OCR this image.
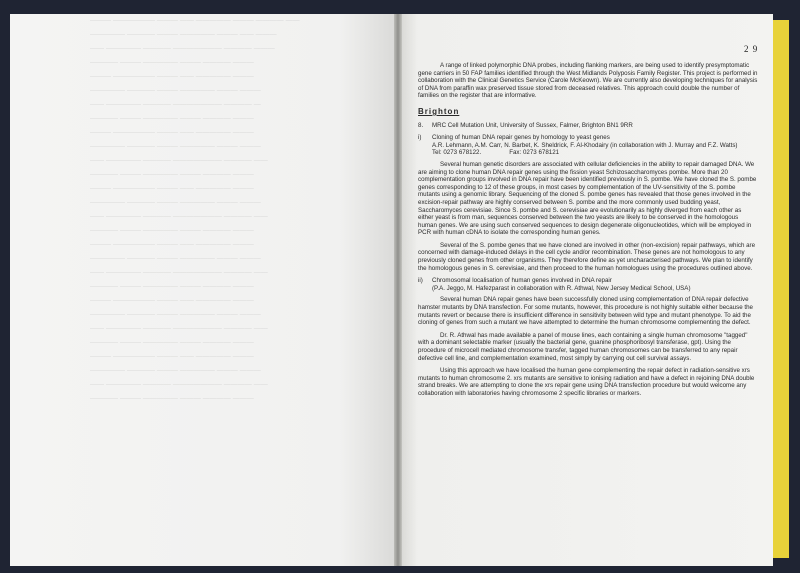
——— —————— ——— —— ————— ——— ———— ——
————— ———— ——— ————— ——— —— ———
—— ————— ———— ——————— ———— ———
———— ——— ————— ——— ———— ———
——— —————— ——— —— ————— ———
————— ———— ——— ————— ——— ———
—— ————— ———— ——————— ———— —
———— ——— ————— ——— ———— ———
——— —————— ——— —— ————— ———
————— ———— ——— ————— ——— ———
—— ————— ———— ——————— ———— ——
———— ——— ————— ——— ———— ———
——— —————— ——— —— ————— ———
————— ———— ——— ————— ——— ———
—— ————— ———— ——————— ———— ——
———— ——— ————— ——— ———— ———
——— —————— ——— —— ————— ———
————— ———— ——— ————— ——— ———
—— ————— ———— ——————— ———— ——
———— ——— ————— ——— ———— ———
——— —————— ——— —— ————— ———
————— ———— ——— ————— ——— ———
—— ————— ———— ——————— ———— ——
———— ——— ————— ——— ———— ———
——— —————— ——— —— ————— ———
————— ———— ——— ————— ——— ———
—— ————— ———— ——————— ———— ——
———— ——— ————— ——— ———— ———
2 9

A range of linked polymorphic DNA probes, including flanking markers, are being used to identify presymptomatic gene carriers in 50 FAP families identified through the West Midlands Polyposis Family Register. This project is performed in collaboration with the Clinical Genetics Service (Carole McKeown). We are currently also developing techniques for analysis of DNA from paraffin wax preserved tissue stored from deceased relatives. This approach could double the number of families on the register that are informative.

Brighton
8.	MRC Cell Mutation Unit, University of Sussex, Falmer, Brighton BN1 9RR
i)	Cloning of human DNA repair genes by homology to yeast genes
A.R. Lehmann, A.M. Carr, N. Barbet, K. Sheldrick, F. Al-Khodairy (in collaboration with J. Murray and F.Z. Watts)
Tel: 0273 678122.	Fax: 0273 678121

Several human genetic disorders are associated with cellular deficiencies in the ability to repair damaged DNA. We are aiming to clone human DNA repair genes using the fission yeast Schizosaccharomyces pombe. More than 20 complementation groups involved in DNA repair have been identified previously in S. pombe. We have cloned the S. pombe genes corresponding to 12 of these groups, in most cases by complementation of the UV-sensitivity of the S. pombe mutants using a genomic library. Sequencing of the cloned S. pombe genes has revealed that those genes involved in the excision-repair pathway are highly conserved between S. pombe and the more commonly used budding yeast, Saccharomyces cerevisiae. Since S. pombe and S. cerevisiae are evolutionarily as highly diverged from each other as either yeast is from man, sequences conserved between the two yeasts are likely to be conserved in the homologous human genes. We are using such conserved sequences to design degenerate oligonucleotides, which will be employed in PCR with human cDNA to isolate the corresponding human genes.

Several of the S. pombe genes that we have cloned are involved in other (non-excision) repair pathways, which are concerned with damage-induced delays in the cell cycle and/or recombination. These genes are not homologous to any previously cloned genes from other organisms. They therefore define as yet uncharacterised pathways. We plan to identify the homologous genes in S. cerevisiae, and then proceed to the human homologues using the procedures outlined above.

ii)	Chromosomal localisation of human genes involved in DNA repair
(P.A. Jeggo, M. Hafezparast in collaboration with R. Athwal, New Jersey Medical School, USA)

Several human DNA repair genes have been successfully cloned using complementation of DNA repair defective hamster mutants by DNA transfection. For some mutants, however, this procedure is not highly suitable either because the mutants revert or because there is insufficient difference in sensitivity between wild type and mutant phenotype. To aid the cloning of genes from such a mutant we have attempted to determine the human chromosome complementing the defect.

Dr. R. Athwal has made available a panel of mouse lines, each containing a single human chromosome "tagged" with a dominant selectable marker (usually the bacterial gene, guanine phosphoribosyl transferase, gpt). Using the procedure of microcell mediated chromosome transfer, tagged human chromosomes can be transferred to any repair defective cell line, and complementation examined, most simply by carrying out cell survival assays.

Using this approach we have localised the human gene complementing the repair defect in radiation-sensitive xrs mutants to human chromosome 2. xrs mutants are sensitive to ionising radiation and have a defect in rejoining DNA double strand breaks. We are attempting to clone the xrs repair gene using DNA transfection procedure but would welcome any collaboration with laboratories having chromosome 2 specific libraries or markers.
